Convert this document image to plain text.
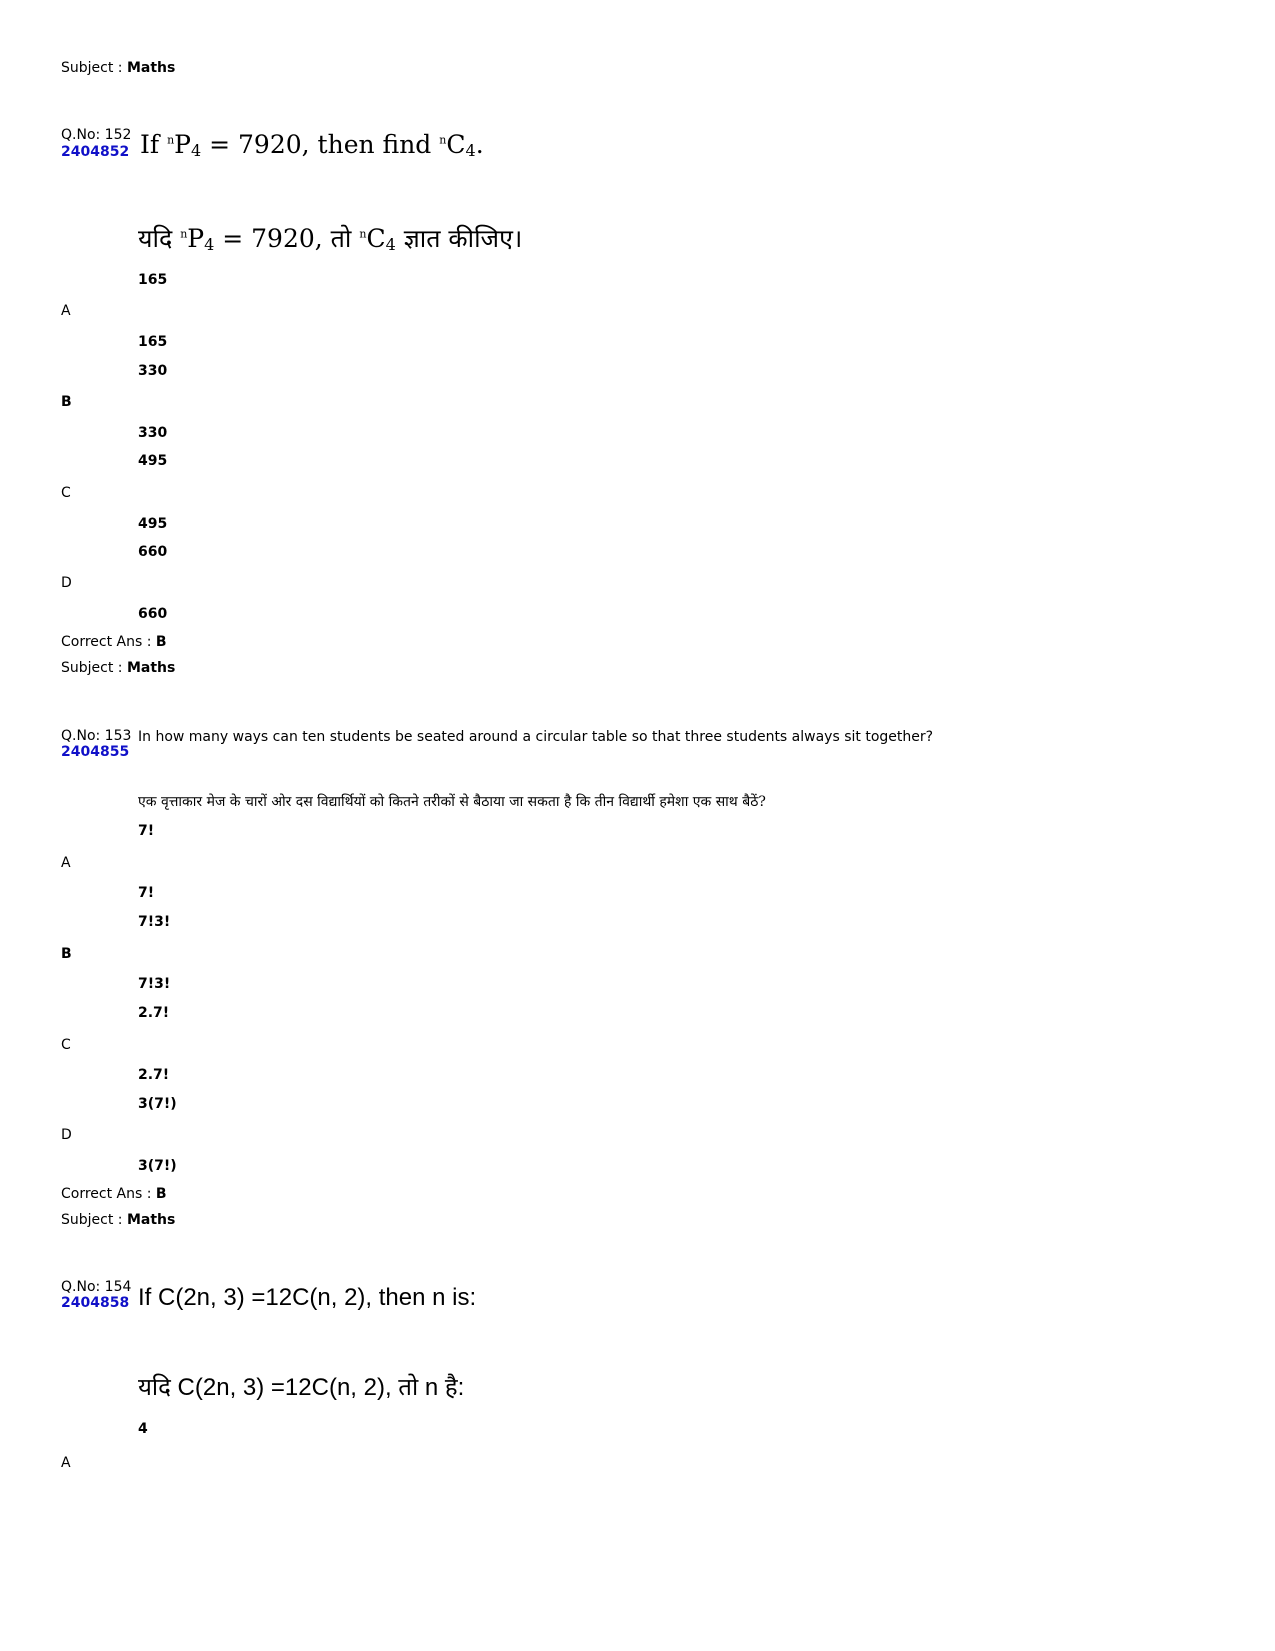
Subject : Maths
Q.No: 152
2404852 If $^nP_4 = 7920$, then find $^nC_4$.
यदि $^nP_4 = 7920$, तो $^nC_4$ ज्ञात कीजिए।
165
A
165
330
B
330
495
C
495
660
D
660
Correct Ans : B
Subject : Maths
Q.No: 153
2404855
In how many ways can ten students be seated around a circular table so that three students always sit together?
एक वृत्ताकार मेज के चारों ओर दस विद्यार्थियों को कितने तरीकों से बैठाया जा सकता है कि तीन विद्यार्थी हमेशा एक साथ बैठें?
7!
A
7!
7!3!
B
7!3!
2.7!
C
2.7!
3(7!)
D
3(7!)
Correct Ans : B
Subject : Maths
Q.No: 154
2404858 If C(2n, 3) =12C(n, 2), then n is:
यदि C(2n, 3) =12C(n, 2), तो n है:
4
A
